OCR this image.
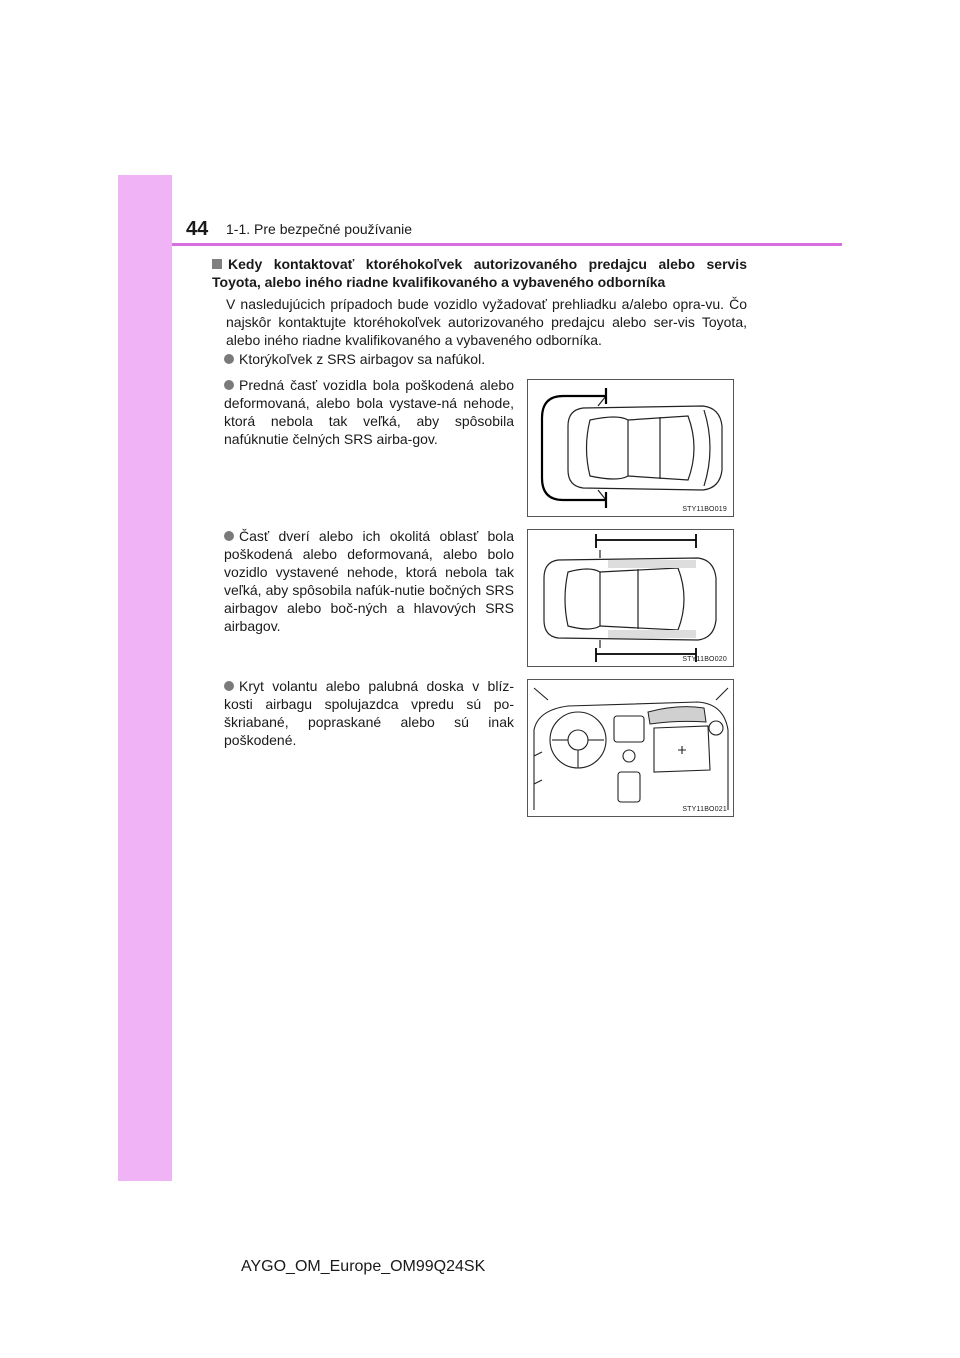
44 1-1. Pre bezpečné používanie
Kedy kontaktovať ktoréhokoľvek autorizovaného predajcu alebo servis Toyota, alebo iného riadne kvalifikovaného a vybaveného odborníka
V nasledujúcich prípadoch bude vozidlo vyžadovať prehliadku a/alebo opra-vu. Čo najskôr kontaktujte ktoréhokoľvek autorizovaného predajcu alebo ser-vis Toyota, alebo iného riadne kvalifikovaného a vybaveného odborníka.
Ktorýkoľvek z SRS airbagov sa nafúkol.
Predná časť vozidla bola poškodená alebo deformovaná, alebo bola vystave-ná nehode, ktorá nebola tak veľká, aby spôsobila nafúknutie čelných SRS airba-gov.
STY11BO019
Časť dverí alebo ich okolitá oblasť bola poškodená alebo deformovaná, alebo bolo vozidlo vystavené nehode, ktorá nebola tak veľká, aby spôsobila nafúk-nutie bočných SRS airbagov alebo boč-ných a hlavových SRS airbagov.
STY11BO020
Kryt volantu alebo palubná doska v blíz-kosti airbagu spolujazdca vpredu sú po-škriabané, popraskané alebo sú inak poškodené.
STY11BO021
AYGO_OM_Europe_OM99Q24SK
